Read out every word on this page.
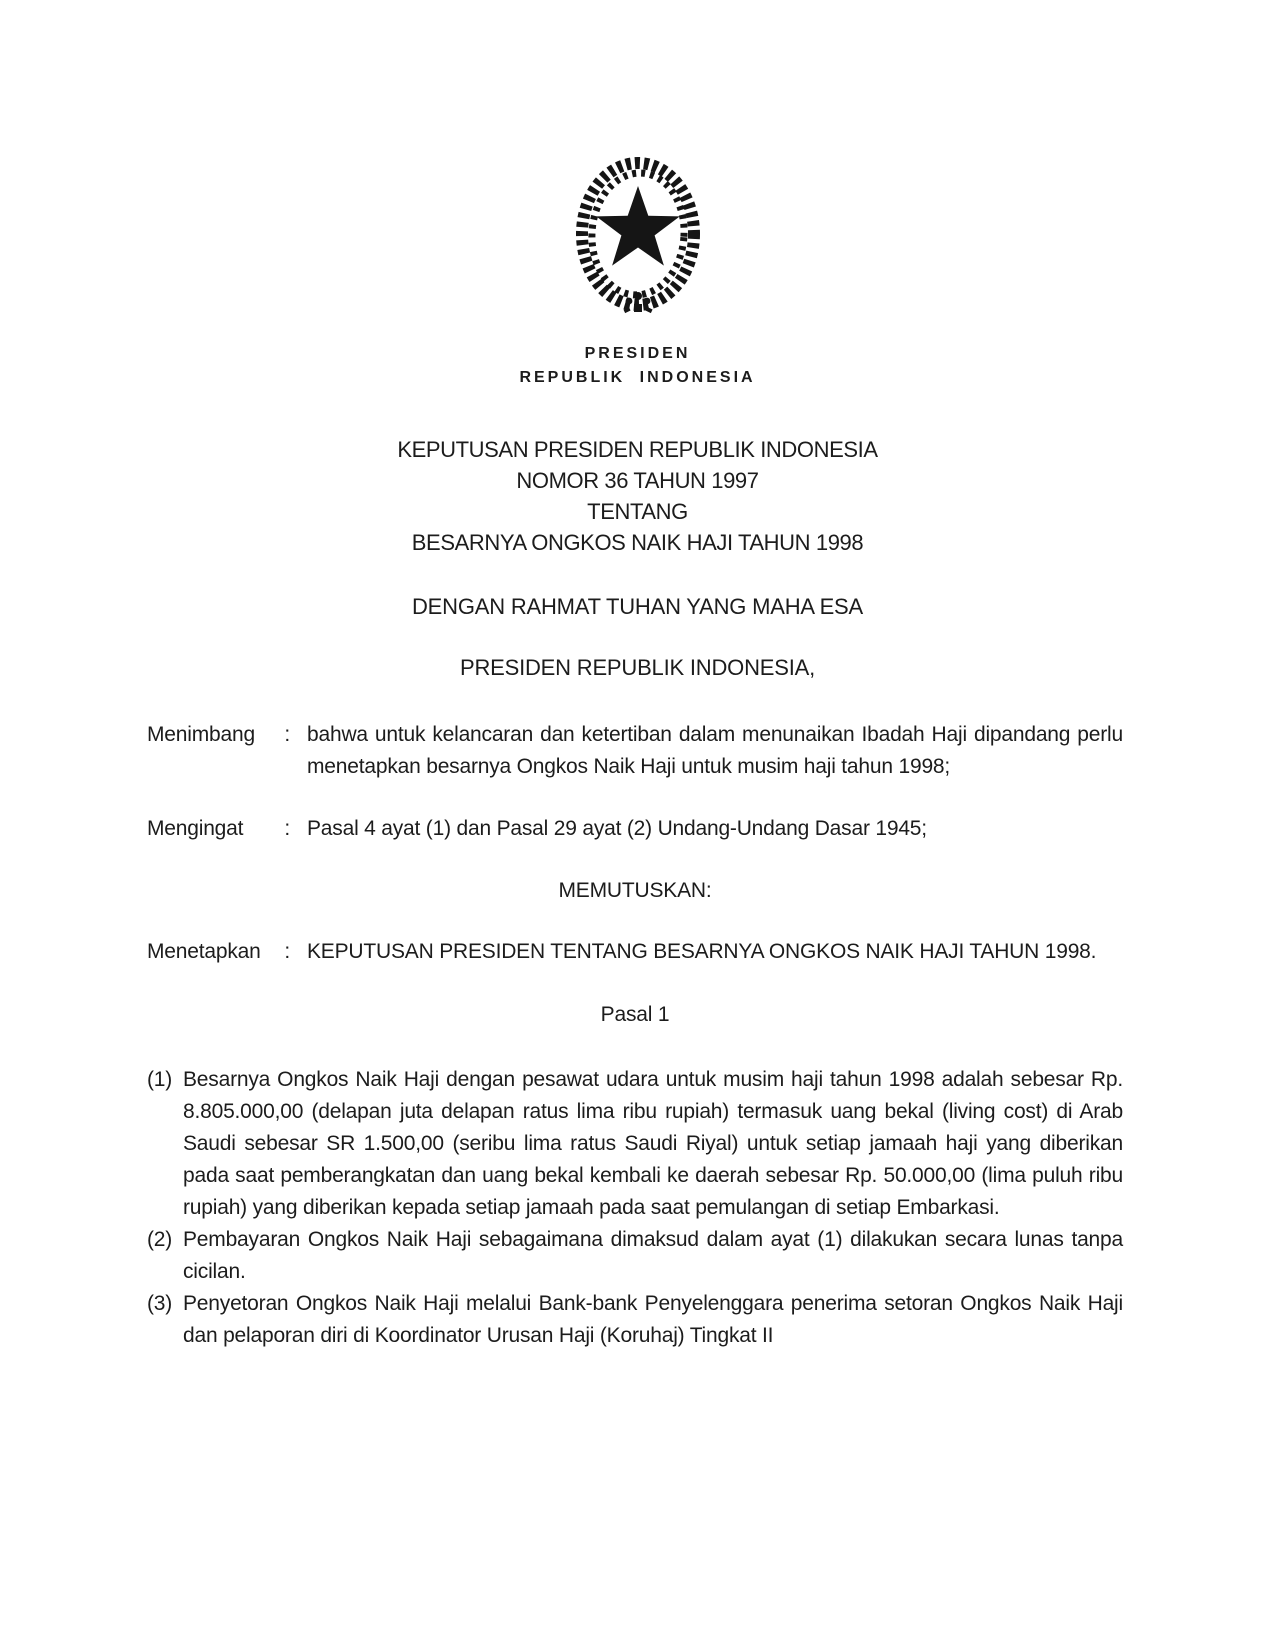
PRESIDEN
REPUBLIK INDONESIA
KEPUTUSAN PRESIDEN REPUBLIK INDONESIA
NOMOR 36 TAHUN 1997
TENTANG
BESARNYA ONGKOS NAIK HAJI TAHUN 1998
DENGAN RAHMAT TUHAN YANG MAHA ESA
PRESIDEN REPUBLIK INDONESIA,
Menimbang : bahwa untuk kelancaran dan ketertiban dalam menunaikan Ibadah Haji dipandang perlu menetapkan besarnya Ongkos Naik Haji untuk musim haji tahun 1998;
Mengingat : Pasal 4 ayat (1) dan Pasal 29 ayat (2) Undang-Undang Dasar 1945;
MEMUTUSKAN:
Menetapkan : KEPUTUSAN PRESIDEN TENTANG BESARNYA ONGKOS NAIK HAJI TAHUN 1998.
Pasal 1
(1) Besarnya Ongkos Naik Haji dengan pesawat udara untuk musim haji tahun 1998 adalah sebesar Rp. 8.805.000,00 (delapan juta delapan ratus lima ribu rupiah) termasuk uang bekal (living cost) di Arab Saudi sebesar SR 1.500,00 (seribu lima ratus Saudi Riyal) untuk setiap jamaah haji yang diberikan pada saat pemberangkatan dan uang bekal kembali ke daerah sebesar Rp. 50.000,00 (lima puluh ribu rupiah) yang diberikan kepada setiap jamaah pada saat pemulangan di setiap Embarkasi.
(2) Pembayaran Ongkos Naik Haji sebagaimana dimaksud dalam ayat (1) dilakukan secara lunas tanpa cicilan.
(3) Penyetoran Ongkos Naik Haji melalui Bank-bank Penyelenggara penerima setoran Ongkos Naik Haji dan pelaporan diri di Koordinator Urusan Haji (Koruhaj) Tingkat II
